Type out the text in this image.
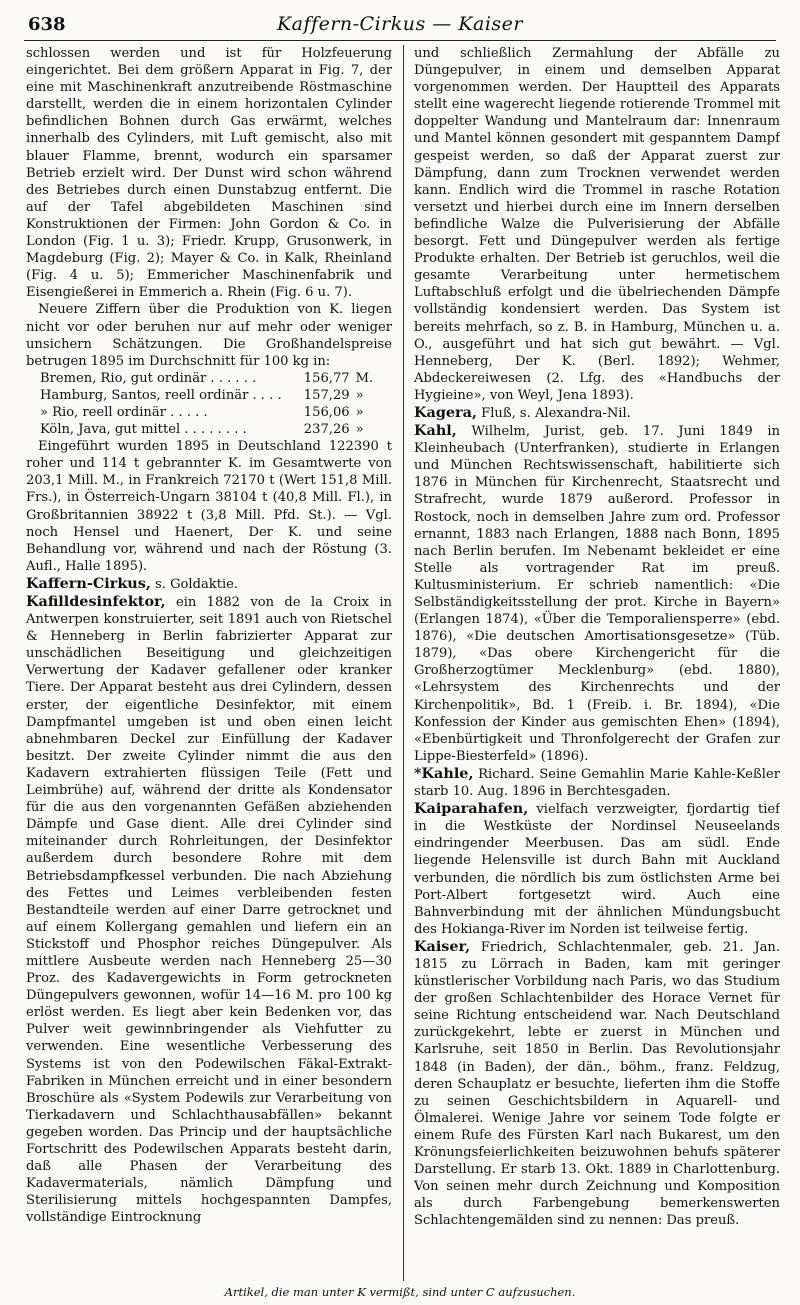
638	Kaffern-Cirkus — Kaiser

schlossen werden und ist für Holzfeuerung eingerichtet. Bei dem größern Apparat in Fig. 7, der eine mit Maschinenkraft anzutreibende Röstmaschine darstellt, werden die in einem horizontalen Cylinder befindlichen Bohnen durch Gas erwärmt, welches innerhalb des Cylinders, mit Luft gemischt, also mit blauer Flamme, brennt, wodurch ein sparsamer Betrieb erzielt wird. Der Dunst wird schon während des Betriebes durch einen Dunstabzug entfernt. Die auf der Tafel abgebildeten Maschinen sind Konstruktionen der Firmen: John Gordon & Co. in London (Fig. 1 u. 3); Friedr. Krupp, Grusonwerk, in Magdeburg (Fig. 2); Mayer & Co. in Kalk, Rheinland (Fig. 4 u. 5); Emmericher Maschinenfabrik und Eisengießerei in Emmerich a. Rhein (Fig. 6 u. 7).

Neuere Ziffern über die Produktion von K. liegen nicht vor oder beruhen nur auf mehr oder weniger unsichern Schätzungen. Die Großhandelspreise betrugen 1895 im Durchschnitt für 100 kg in:

Bremen, Rio, gut ordinär . . . . . .	156,77	M.
Hamburg, Santos, reell ordinär . . . .	157,29	»
» Rio, reell ordinär . . . . .	156,06	»
Köln, Java, gut mittel . . . . . . . .	237,26	»

Eingeführt wurden 1895 in Deutschland 122390 t roher und 114 t gebrannter K. im Gesamtwerte von 203,1 Mill. M., in Frankreich 72170 t (Wert 151,8 Mill. Frs.), in Österreich-Ungarn 38104 t (40,8 Mill. Fl.), in Großbritannien 38922 t (3,8 Mill. Pfd. St.). — Vgl. noch Hensel und Haenert, Der K. und seine Behandlung vor, während und nach der Röstung (3. Aufl., Halle 1895).

Kaffern-Cirkus, s. Goldaktie.

Kafilldesinfektor, ein 1882 von de la Croix in Antwerpen konstruierter, seit 1891 auch von Rietschel & Henneberg in Berlin fabrizierter Apparat zur unschädlichen Beseitigung und gleichzeitigen Verwertung der Kadaver gefallener oder kranker Tiere. Der Apparat besteht aus drei Cylindern, dessen erster, der eigentliche Desinfektor, mit einem Dampfmantel umgeben ist und oben einen leicht abnehmbaren Deckel zur Einfüllung der Kadaver besitzt. Der zweite Cylinder nimmt die aus den Kadavern extrahierten flüssigen Teile (Fett und Leimbrühe) auf, während der dritte als Kondensator für die aus den vorgenannten Gefäßen abziehenden Dämpfe und Gase dient. Alle drei Cylinder sind miteinander durch Rohrleitungen, der Desinfektor außerdem durch besondere Rohre mit dem Betriebsdampfkessel verbunden. Die nach Abziehung des Fettes und Leimes verbleibenden festen Bestandteile werden auf einer Darre getrocknet und auf einem Kollergang gemahlen und liefern ein an Stickstoff und Phosphor reiches Düngepulver. Als mittlere Ausbeute werden nach Henneberg 25—30 Proz. des Kadavergewichts in Form getrockneten Düngepulvers gewonnen, wofür 14—16 M. pro 100 kg erlöst werden. Es liegt aber kein Bedenken vor, das Pulver weit gewinnbringender als Viehfutter zu verwenden. Eine wesentliche Verbesserung des Systems ist von den Podewilschen Fäkal-Extrakt-Fabriken in München erreicht und in einer besondern Broschüre als «System Podewils zur Verarbeitung von Tierkadavern und Schlachthausabfällen» bekannt gegeben worden. Das Princip und der hauptsächliche Fortschritt des Podewilschen Apparats besteht darin, daß alle Phasen der Verarbeitung des Kadavermaterials, nämlich Dämpfung und Sterilisierung mittels hochgespannten Dampfes, vollständige Eintrocknung

und schließlich Zermahlung der Abfälle zu Düngepulver, in einem und demselben Apparat vorgenommen werden. Der Hauptteil des Apparats stellt eine wagerecht liegende rotierende Trommel mit doppelter Wandung und Mantelraum dar: Innenraum und Mantel können gesondert mit gespanntem Dampf gespeist werden, so daß der Apparat zuerst zur Dämpfung, dann zum Trocknen verwendet werden kann. Endlich wird die Trommel in rasche Rotation versetzt und hierbei durch eine im Innern derselben befindliche Walze die Pulverisierung der Abfälle besorgt. Fett und Düngepulver werden als fertige Produkte erhalten. Der Betrieb ist geruchlos, weil die gesamte Verarbeitung unter hermetischem Luftabschluß erfolgt und die übelriechenden Dämpfe vollständig kondensiert werden. Das System ist bereits mehrfach, so z. B. in Hamburg, München u. a. O., ausgeführt und hat sich gut bewährt. — Vgl. Henneberg, Der K. (Berl. 1892); Wehmer, Abdeckereiwesen (2. Lfg. des «Handbuchs der Hygieine», von Weyl, Jena 1893).

Kagera, Fluß, s. Alexandra-Nil.

Kahl, Wilhelm, Jurist, geb. 17. Juni 1849 in Kleinheubach (Unterfranken), studierte in Erlangen und München Rechtswissenschaft, habilitierte sich 1876 in München für Kirchenrecht, Staatsrecht und Strafrecht, wurde 1879 außerord. Professor in Rostock, noch in demselben Jahre zum ord. Professor ernannt, 1883 nach Erlangen, 1888 nach Bonn, 1895 nach Berlin berufen. Im Nebenamt bekleidet er eine Stelle als vortragender Rat im preuß. Kultusministerium. Er schrieb namentlich: «Die Selbständigkeitsstellung der prot. Kirche in Bayern» (Erlangen 1874), «Über die Temporaliensperre» (ebd. 1876), «Die deutschen Amortisationsgesetze» (Tüb. 1879), «Das obere Kirchengericht für die Großherzogtümer Mecklenburg» (ebd. 1880), «Lehrsystem des Kirchenrechts und der Kirchenpolitik», Bd. 1 (Freib. i. Br. 1894), «Die Konfession der Kinder aus gemischten Ehen» (1894), «Ebenbürtigkeit und Thronfolgerecht der Grafen zur Lippe-Biesterfeld» (1896).

*Kahle, Richard. Seine Gemahlin Marie Kahle-Keßler starb 10. Aug. 1896 in Berchtesgaden.

Kaiparahafen, vielfach verzweigter, fjordartig tief in die Westküste der Nordinsel Neuseelands eindringender Meerbusen. Das am südl. Ende liegende Helensville ist durch Bahn mit Auckland verbunden, die nördlich bis zum östlichsten Arme bei Port-Albert fortgesetzt wird. Auch eine Bahnverbindung mit der ähnlichen Mündungsbucht des Hokianga-River im Norden ist teilweise fertig.

Kaiser, Friedrich, Schlachtenmaler, geb. 21. Jan. 1815 zu Lörrach in Baden, kam mit geringer künstlerischer Vorbildung nach Paris, wo das Studium der großen Schlachtenbilder des Horace Vernet für seine Richtung entscheidend war. Nach Deutschland zurückgekehrt, lebte er zuerst in München und Karlsruhe, seit 1850 in Berlin. Das Revolutionsjahr 1848 (in Baden), der dän., böhm., franz. Feldzug, deren Schauplatz er besuchte, lieferten ihm die Stoffe zu seinen Geschichtsbildern in Aquarell- und Ölmalerei. Wenige Jahre vor seinem Tode folgte er einem Rufe des Fürsten Karl nach Bukarest, um den Krönungsfeierlichkeiten beizuwohnen behufs späterer Darstellung. Er starb 13. Okt. 1889 in Charlottenburg. Von seinen mehr durch Zeichnung und Komposition als durch Farbengebung bemerkenswerten Schlachtengemälden sind zu nennen: Das preuß.

Artikel, die man unter K vermißt, sind unter C aufzusuchen.
